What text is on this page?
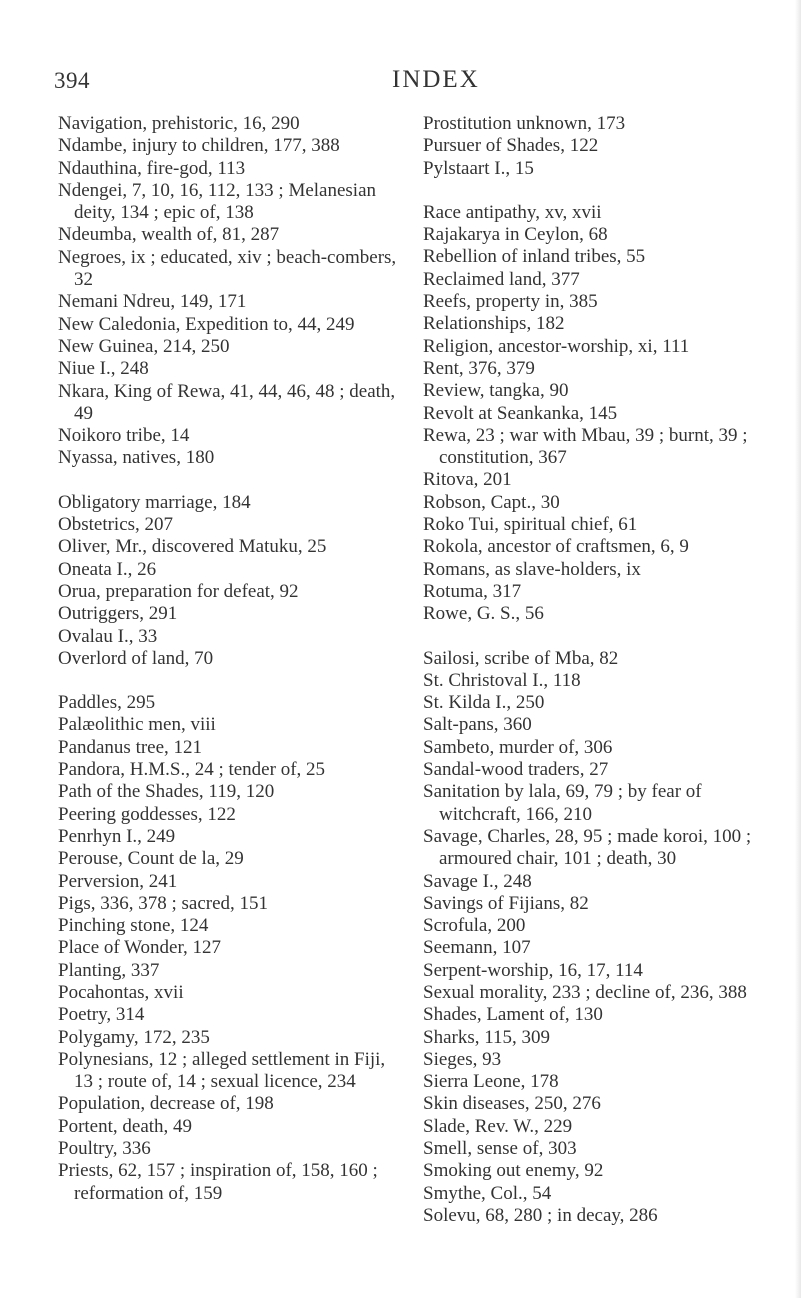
394	INDEX
Navigation, prehistoric, 16, 290
Ndambe, injury to children, 177, 388
Ndauthina, fire-god, 113
Ndengei, 7, 10, 16, 112, 133 ; Melanesian deity, 134 ; epic of, 138
Ndeumba, wealth of, 81, 287
Negroes, ix ; educated, xiv ; beach-combers, 32
Nemani Ndreu, 149, 171
New Caledonia, Expedition to, 44, 249
New Guinea, 214, 250
Niue I., 248
Nkara, King of Rewa, 41, 44, 46, 48 ; death, 49
Noikoro tribe, 14
Nyassa, natives, 180
Obligatory marriage, 184
Obstetrics, 207
Oliver, Mr., discovered Matuku, 25
Oneata I., 26
Orua, preparation for defeat, 92
Outriggers, 291
Ovalau I., 33
Overlord of land, 70
Paddles, 295
Palæolithic men, viii
Pandanus tree, 121
Pandora, H.M.S., 24 ; tender of, 25
Path of the Shades, 119, 120
Peering goddesses, 122
Penrhyn I., 249
Perouse, Count de la, 29
Perversion, 241
Pigs, 336, 378 ; sacred, 151
Pinching stone, 124
Place of Wonder, 127
Planting, 337
Pocahontas, xvii
Poetry, 314
Polygamy, 172, 235
Polynesians, 12 ; alleged settlement in Fiji, 13 ; route of, 14 ; sexual licence, 234
Population, decrease of, 198
Portent, death, 49
Poultry, 336
Priests, 62, 157 ; inspiration of, 158, 160 ; reformation of, 159
Prostitution unknown, 173
Pursuer of Shades, 122
Pylstaart I., 15
Race antipathy, xv, xvii
Rajakarya in Ceylon, 68
Rebellion of inland tribes, 55
Reclaimed land, 377
Reefs, property in, 385
Relationships, 182
Religion, ancestor-worship, xi, 111
Rent, 376, 379
Review, tangka, 90
Revolt at Seankanka, 145
Rewa, 23 ; war with Mbau, 39 ; burnt, 39 ; constitution, 367
Ritova, 201
Robson, Capt., 30
Roko Tui, spiritual chief, 61
Rokola, ancestor of craftsmen, 6, 9
Romans, as slave-holders, ix
Rotuma, 317
Rowe, G. S., 56
Sailosi, scribe of Mba, 82
St. Christoval I., 118
St. Kilda I., 250
Salt-pans, 360
Sambeto, murder of, 306
Sandal-wood traders, 27
Sanitation by lala, 69, 79 ; by fear of witchcraft, 166, 210
Savage, Charles, 28, 95 ; made koroi, 100 ; armoured chair, 101 ; death, 30
Savage I., 248
Savings of Fijians, 82
Scrofula, 200
Seemann, 107
Serpent-worship, 16, 17, 114
Sexual morality, 233 ; decline of, 236, 388
Shades, Lament of, 130
Sharks, 115, 309
Sieges, 93
Sierra Leone, 178
Skin diseases, 250, 276
Slade, Rev. W., 229
Smell, sense of, 303
Smoking out enemy, 92
Smythe, Col., 54
Solevu, 68, 280 ; in decay, 286
